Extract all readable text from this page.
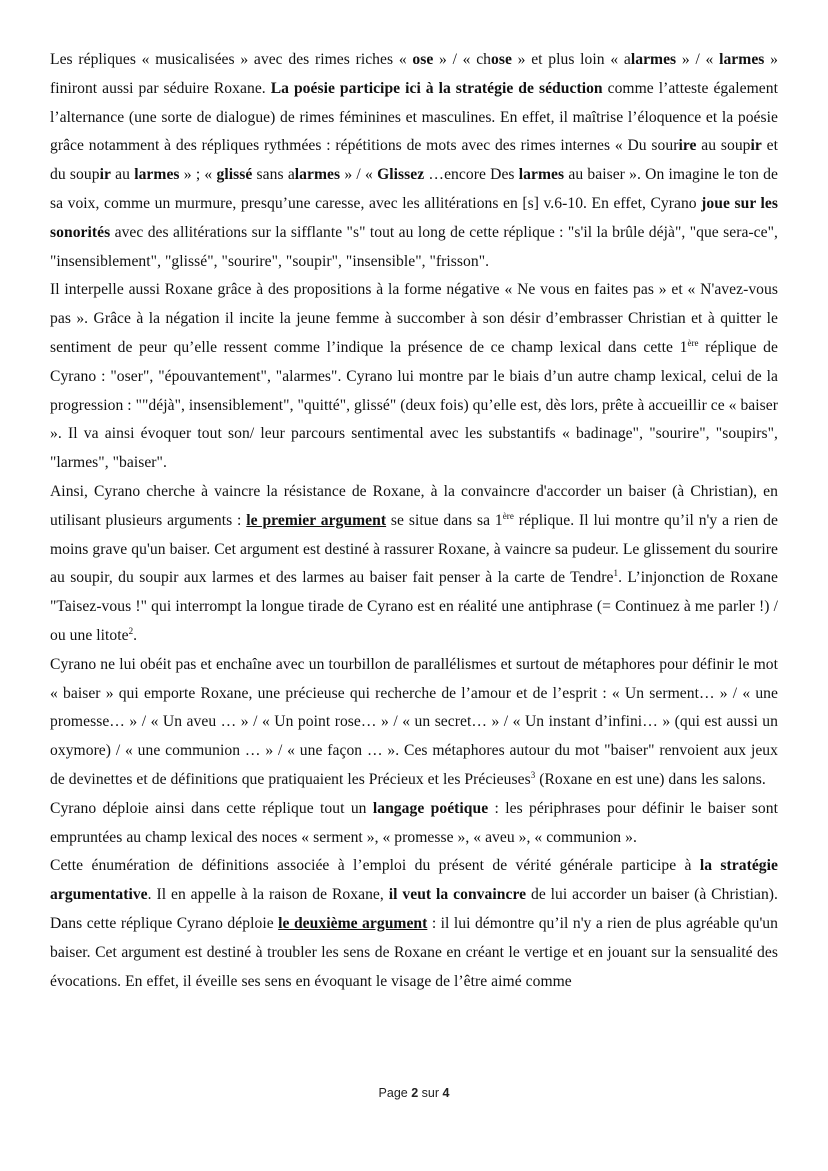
Les répliques « musicalisées » avec des rimes riches « ose » / « chose » et plus loin « alarmes » / « larmes » finiront aussi par séduire Roxane. La poésie participe ici à la stratégie de séduction comme l’atteste également l’alternance (une sorte de dialogue) de rimes féminines et masculines. En effet, il maîtrise l’éloquence et la poésie grâce notamment à des répliques rythmées : répétitions de mots avec des rimes internes « Du sourire au soupir et du soupir au larmes » ; « glissé sans alarmes » / « Glissez …encore Des larmes au baiser ». On imagine le ton de sa voix, comme un murmure, presqu’une caresse, avec les allitérations en [s] v.6-10. En effet, Cyrano joue sur les sonorités avec des allitérations sur la sifflante "s" tout au long de cette réplique : "s'il la brûle déjà", "que sera-ce", "insensiblement", "glissé", "sourire", "soupir", "insensible", "frisson".

Il interpelle aussi Roxane grâce à des propositions à la forme négative « Ne vous en faites pas » et « N'avez-vous pas ». Grâce à la négation il incite la jeune femme à succomber à son désir d’embrasser Christian et à quitter le sentiment de peur qu’elle ressent comme l’indique la présence de ce champ lexical dans cette 1ère réplique de Cyrano : "oser", "épouvantement", "alarmes". Cyrano lui montre par le biais d’un autre champ lexical, celui de la progression : ""déjà", insensiblement", "quitté", glissé" (deux fois) qu’elle est, dès lors, prête à accueillir ce « baiser ». Il va ainsi évoquer tout son/ leur parcours sentimental avec les substantifs « badinage", "sourire", "soupirs", "larmes", "baiser".

Ainsi, Cyrano cherche à vaincre la résistance de Roxane, à la convaincre d'accorder un baiser (à Christian), en utilisant plusieurs arguments : le premier argument se situe dans sa 1ère réplique. Il lui montre qu’il n'y a rien de moins grave qu'un baiser. Cet argument est destiné à rassurer Roxane, à vaincre sa pudeur. Le glissement du sourire au soupir, du soupir aux larmes et des larmes au baiser fait penser à la carte de Tendre$^1$. L’injonction de Roxane "Taisez-vous !" qui interrompt la longue tirade de Cyrano est en réalité une antiphrase (= Continuez à me parler !) / ou une litote$^2$.

Cyrano ne lui obéit pas et enchaîne avec un tourbillon de parallélismes et surtout de métaphores pour définir le mot « baiser » qui emporte Roxane, une précieuse qui recherche de l’amour et de l’esprit : « Un serment… » / « une promesse… » / « Un aveu … » / « Un point rose… » / « un secret… » / « Un instant d’infini… » (qui est aussi un oxymore) / « une communion … » / « une façon … ». Ces métaphores autour du mot "baiser" renvoient aux jeux de devinettes et de définitions que pratiquaient les Précieux et les Précieuses$^3$ (Roxane en est une) dans les salons.

Cyrano déploie ainsi dans cette réplique tout un langage poétique : les périphrases pour définir le baiser sont empruntées au champ lexical des noces « serment », « promesse », « aveu », « communion ».

Cette énumération de définitions associée à l’emploi du présent de vérité générale participe à la stratégie argumentative. Il en appelle à la raison de Roxane, il veut la convaincre de lui accorder un baiser (à Christian). Dans cette réplique Cyrano déploie le deuxième argument : il lui démontre qu’il n'y a rien de plus agréable qu'un baiser. Cet argument est destiné à troubler les sens de Roxane en créant le vertige et en jouant sur la sensualité des évocations. En effet, il éveille ses sens en évoquant le visage de l’être aimé comme

Page 2 sur 4
